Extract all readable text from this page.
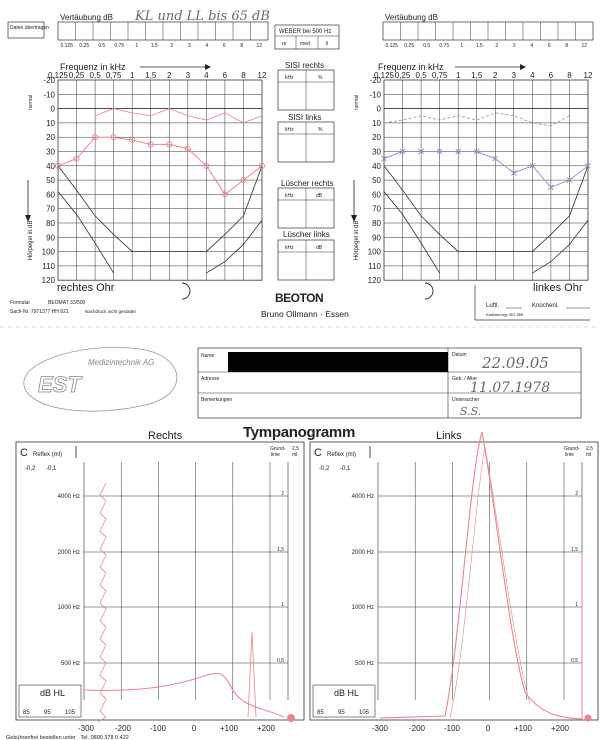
Daten übertragen
Vertäubung dB
0.125 0.25 0.5 0.75 1	1.5	2	3	4	6	8	12
KL und LL bis 65 dB
WEBER bei 500 Hz
re	med	li
Vertäubung dB
0.125 0.25 0.5 0.75 1	1.5	2	3	4	6	8	12
Frequenz in kHz	Frequenz in kHz
0,125 0,25 0,5 0,75 1 1,5 2 3 4 6 8 12
-20
-10
0
10
20
30
40
50
60
70
80
90
100
110
120
normal
Hörpegel in dB
0,125 0,25 0,5 0,75 1 1,5 2 3 4 6 8 12
-20
-10
0
10
20
30
40
50
60
70
80
90
100
110
120
normal
Hörpegel in dB
rechtes Ohr	linkes Ohr
SISI rechts
kHz	%
SISI links
kHz	%
Lüscher rechts
kHz	dB
Lüscher links
kHz	dB
Formular	BEOMAT 33/500
Sach-Nr. 7971377 HH 921	Nachdruck nicht gestattet
BEOTON
Bruno Ollmann · Essen
Luftl.	Knochenl.
Kalibrierung ISO 389
EST
Medizintechnik AG
Name
Adresse
Bemerkungen
Datum 22.09.05
Geb. / Alter
11.07.1978
Untersucher
S.S.
Tympanogramm
Rechts	Links
C Reflex (ml)
-0,2 -0,1
Grund-
linie
2,5
ml
4000 Hz	2
2000 Hz	1,5
1000 Hz	1
500 Hz	0,5
dB HL
85 95 105
-300	-200 -100	0	+100 +200
C Reflex (ml)
-0,2 -0,1
Grund-
linie
2,5
ml
4000 Hz	2
2000 Hz	1,5
1000 Hz	1
500 Hz	0,5
dB HL
85 95 105
-300	-200 -100	0	+100 +200
Gebührenfrei bestellen unter · Tel. 0800 378 0 422
